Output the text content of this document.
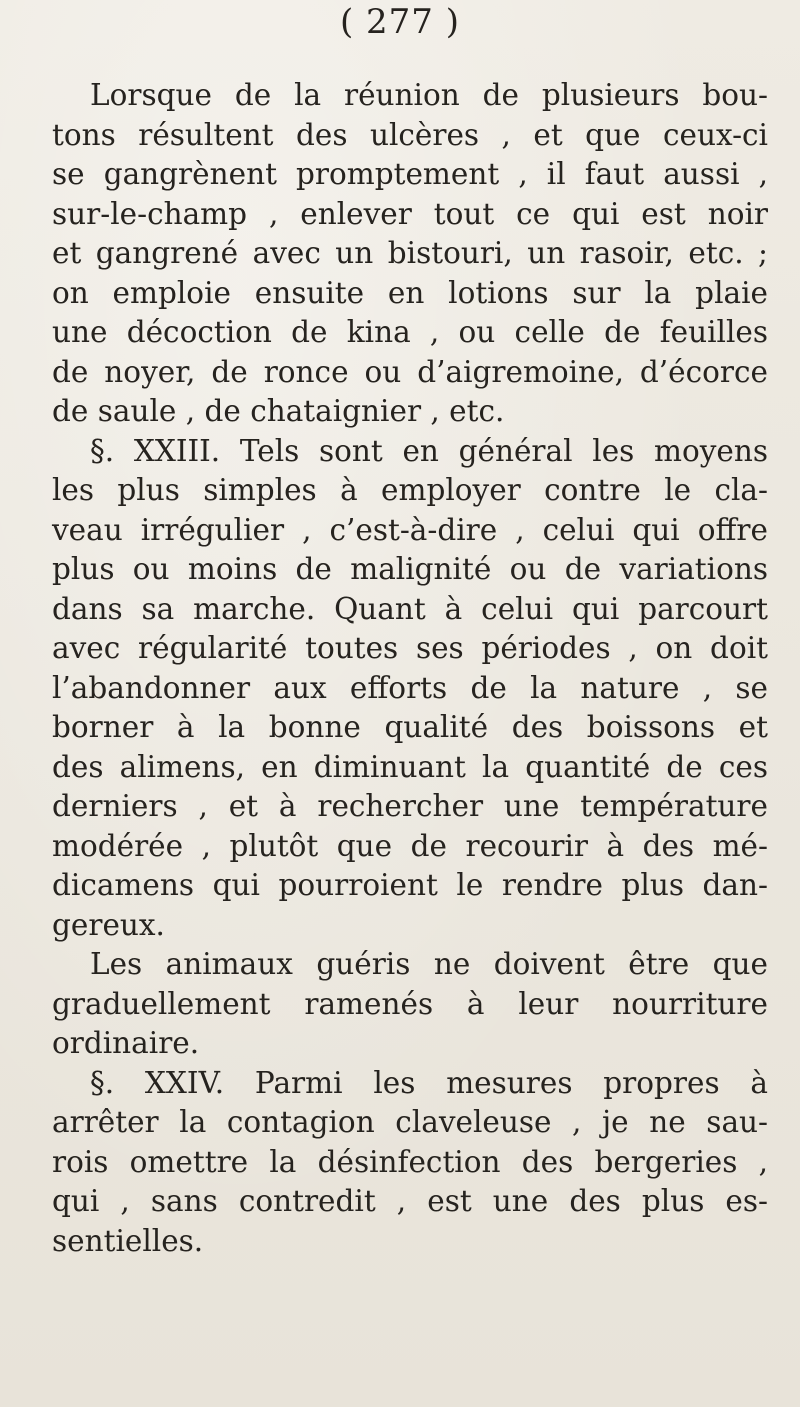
( 277 )
Lorsque de la réunion de plusieurs bou-
tons résultent des ulcères , et que ceux-ci
se gangrènent promptement , il faut aussi ,
sur-le-champ , enlever tout ce qui est noir
et gangrené avec un bistouri, un rasoir, etc. ;
on emploie ensuite en lotions sur la plaie
une décoction de kina , ou celle de feuilles
de noyer, de ronce ou d’aigremoine, d’écorce
de saule , de chataignier , etc.
§. XXIII. Tels sont en général les moyens
les plus simples à employer contre le cla-
veau irrégulier , c’est-à-dire , celui qui offre
plus ou moins de malignité ou de variations
dans sa marche. Quant à celui qui parcourt
avec régularité toutes ses périodes , on doit
l’abandonner aux efforts de la nature , se
borner à la bonne qualité des boissons et
des alimens, en diminuant la quantité de ces
derniers , et à rechercher une température
modérée , plutôt que de recourir à des mé-
dicamens qui pourroient le rendre plus dan-
gereux.
Les animaux guéris ne doivent être que
graduellement ramenés à leur nourriture
ordinaire.
§. XXIV. Parmi les mesures propres à
arrêter la contagion claveleuse , je ne sau-
rois omettre la désinfection des bergeries ,
qui , sans contredit , est une des plus es-
sentielles.
